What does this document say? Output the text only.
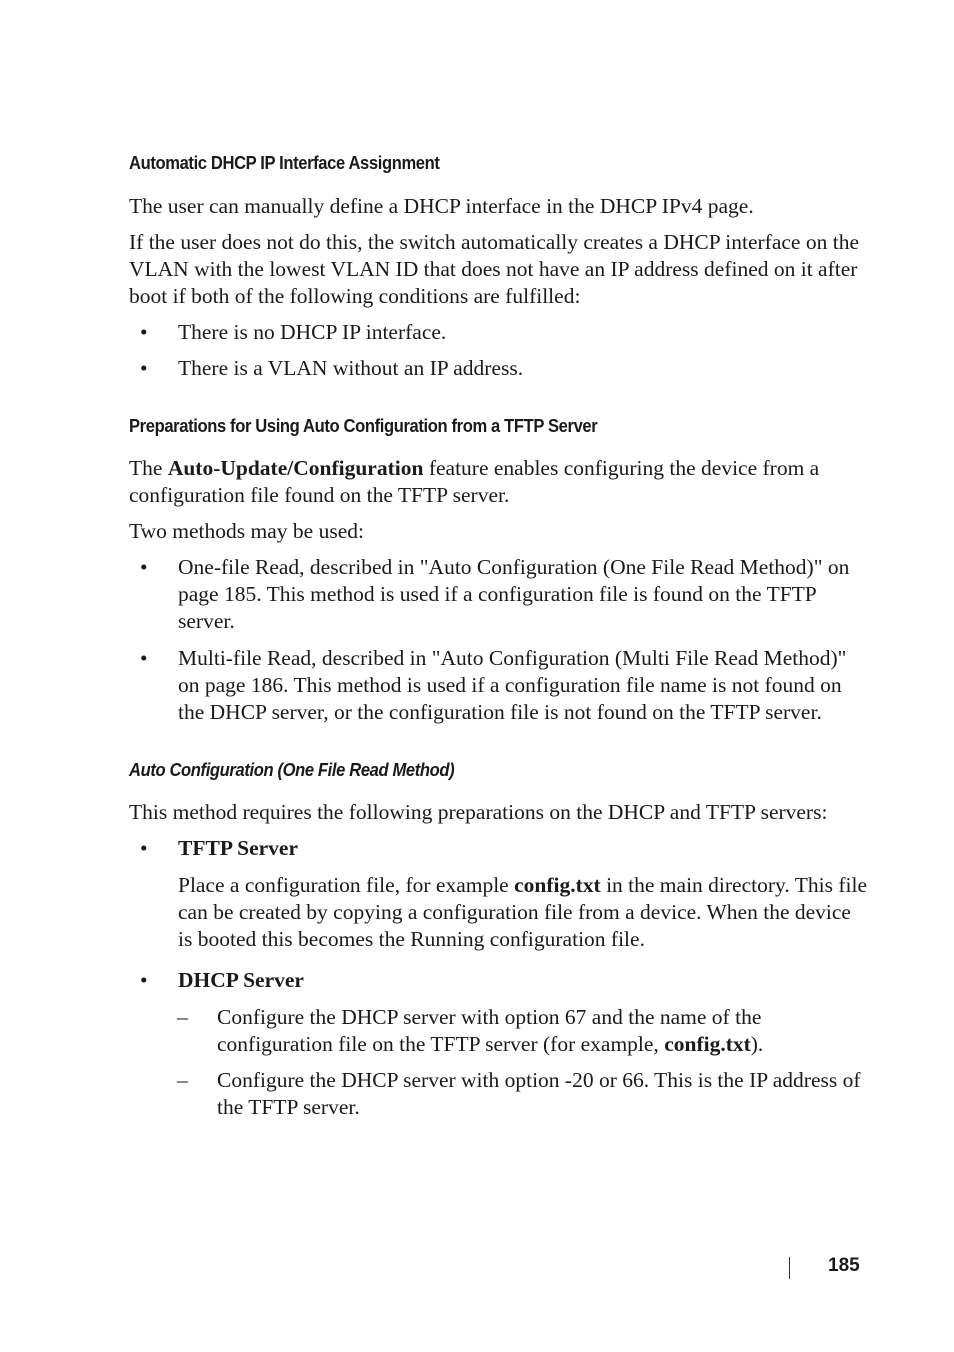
Automatic DHCP IP Interface Assignment

The user can manually define a DHCP interface in the DHCP IPv4 page.

If the user does not do this, the switch automatically creates a DHCP interface on the VLAN with the lowest VLAN ID that does not have an IP address defined on it after boot if both of the following conditions are fulfilled:

• There is no DHCP IP interface.
• There is a VLAN without an IP address.
Preparations for Using Auto Configuration from a TFTP Server

The Auto-Update/Configuration feature enables configuring the device from a configuration file found on the TFTP server.

Two methods may be used:

• One-file Read, described in "Auto Configuration (One File Read Method)" on page 185. This method is used if a configuration file is found on the TFTP server.
• Multi-file Read, described in "Auto Configuration (Multi File Read Method)" on page 186. This method is used if a configuration file name is not found on the DHCP server, or the configuration file is not found on the TFTP server.
Auto Configuration (One File Read Method)

This method requires the following preparations on the DHCP and TFTP servers:

• TFTP Server

Place a configuration file, for example config.txt in the main directory. This file can be created by copying a configuration file from a device. When the device is booted this becomes the Running configuration file.

• DHCP Server
– Configure the DHCP server with option 67 and the name of the configuration file on the TFTP server (for example, config.txt).
– Configure the DHCP server with option -20 or 66. This is the IP address of the TFTP server.
185
